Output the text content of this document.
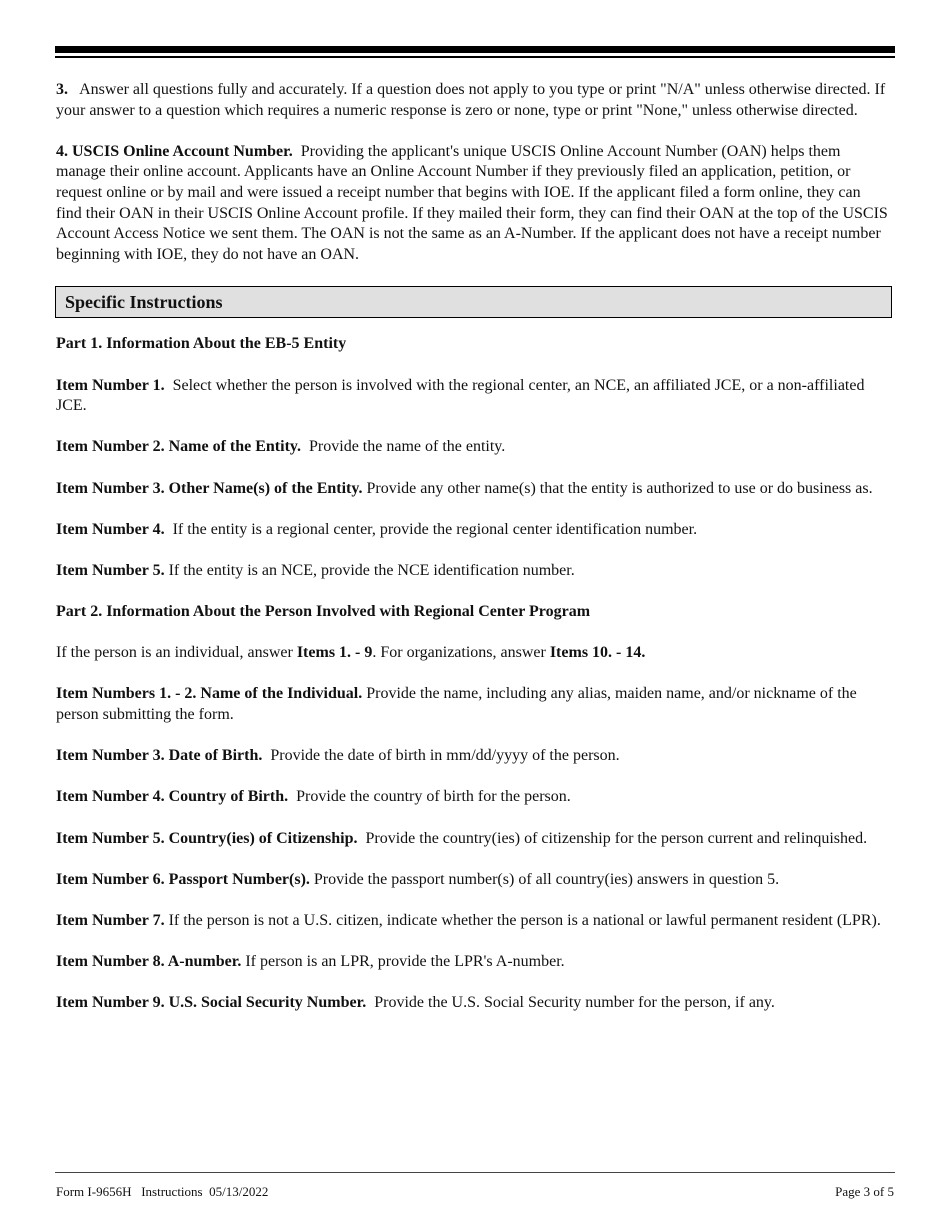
3. Answer all questions fully and accurately. If a question does not apply to you type or print "N/A" unless otherwise directed. If your answer to a question which requires a numeric response is zero or none, type or print "None," unless otherwise directed.

4. USCIS Online Account Number. Providing the applicant's unique USCIS Online Account Number (OAN) helps them manage their online account. Applicants have an Online Account Number if they previously filed an application, petition, or request online or by mail and were issued a receipt number that begins with IOE. If the applicant filed a form online, they can find their OAN in their USCIS Online Account profile. If they mailed their form, they can find their OAN at the top of the USCIS Account Access Notice we sent them. The OAN is not the same as an A-Number. If the applicant does not have a receipt number beginning with IOE, they do not have an OAN.

Specific Instructions

Part 1. Information About the EB-5 Entity

Item Number 1. Select whether the person is involved with the regional center, an NCE, an affiliated JCE, or a non-affiliated JCE.

Item Number 2. Name of the Entity. Provide the name of the entity.

Item Number 3. Other Name(s) of the Entity. Provide any other name(s) that the entity is authorized to use or do business as.

Item Number 4. If the entity is a regional center, provide the regional center identification number.

Item Number 5. If the entity is an NCE, provide the NCE identification number.

Part 2. Information About the Person Involved with Regional Center Program

If the person is an individual, answer Items 1. - 9. For organizations, answer Items 10. - 14.

Item Numbers 1. - 2. Name of the Individual. Provide the name, including any alias, maiden name, and/or nickname of the person submitting the form.

Item Number 3. Date of Birth. Provide the date of birth in mm/dd/yyyy of the person.

Item Number 4. Country of Birth. Provide the country of birth for the person.

Item Number 5. Country(ies) of Citizenship. Provide the country(ies) of citizenship for the person current and relinquished.

Item Number 6. Passport Number(s). Provide the passport number(s) of all country(ies) answers in question 5.

Item Number 7. If the person is not a U.S. citizen, indicate whether the person is a national or lawful permanent resident (LPR).

Item Number 8. A-number. If person is an LPR, provide the LPR's A-number.

Item Number 9. U.S. Social Security Number. Provide the U.S. Social Security number for the person, if any.

Form I-9656H   Instructions  05/13/2022	Page 3 of 5
